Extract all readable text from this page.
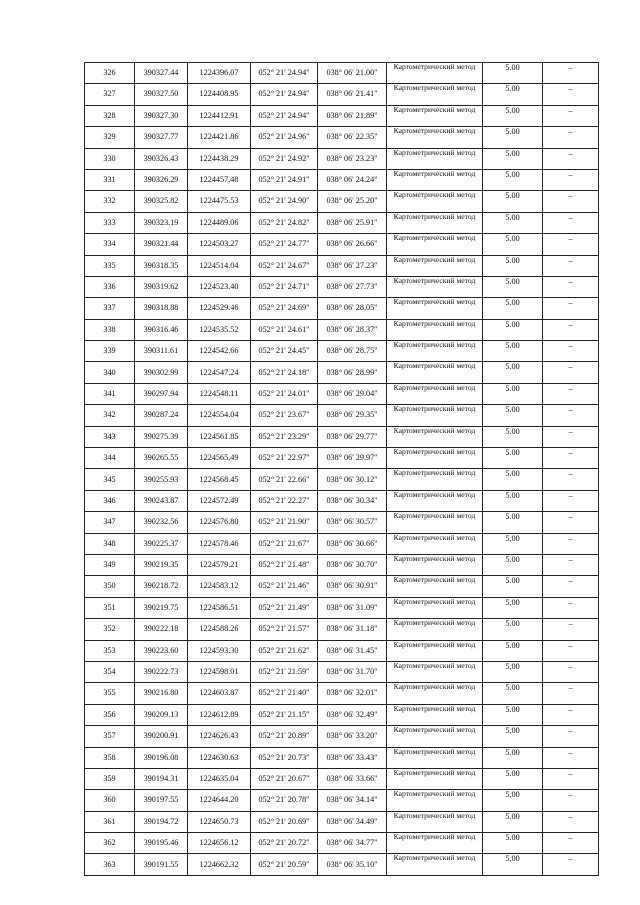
326	390327.44	1224396.07	052° 21' 24.94"	038° 06' 21.00"	Картометрический метод	5.00	–
327	390327.50	1224408.95	052° 21' 24.94"	038° 06' 21.41"	Картометрический метод	5.00	–
328	390327.30	1224412.91	052° 21' 24.94"	038° 06' 21.89"	Картометрический метод	5.00	–
329	390327.77	1224421.86	052° 21' 24.96"	038° 06' 22.35"	Картометрический метод	5.00	–
330	390326.43	1224438.29	052° 21' 24.92"	038° 06' 23.23"	Картометрический метод	5.00	–
331	390326.29	1224457.48	052° 21' 24.91"	038° 06' 24.24"	Картометрический метод	5.00	–
332	390325.82	1224475.53	052° 21' 24.90"	038° 06' 25.20"	Картометрический метод	5.00	–
333	390323.19	1224489.06	052° 21' 24.82"	038° 06' 25.91"	Картометрический метод	5.00	–
334	390321.44	1224503.27	052° 21' 24.77"	038° 06' 26.66"	Картометрический метод	5.00	–
335	390318.35	1224514.04	052° 21' 24.67"	038° 06' 27.23"	Картометрический метод	5.00	–
336	390319.62	1224523.40	052° 21' 24.71"	038° 06' 27.73"	Картометрический метод	5.00	–
337	390318.88	1224529.46	052° 21' 24.69"	038° 06' 28.05"	Картометрический метод	5.00	–
338	390316.46	1224535.52	052° 21' 24.61"	038° 06' 28.37"	Картометрический метод	5.00	–
339	390311.61	1224542.66	052° 21' 24.45"	038° 06' 28.75"	Картометрический метод	5.00	–
340	390302.99	1224547.24	052° 21' 24.18"	038° 06' 28.99"	Картометрический метод	5.00	–
341	390297.94	1224548.11	052° 21' 24.01"	038° 06' 29.04"	Картометрический метод	5.00	–
342	390287.24	1224554.04	052° 21' 23.67"	038° 06' 29.35"	Картометрический метод	5.00	–
343	390275.39	1224561.85	052° 21' 23.29"	038° 06' 29.77"	Картометрический метод	5.00	–
344	390265.55	1224565.49	052° 21' 22.97"	038° 06' 29.97"	Картометрический метод	5.00	–
345	390255.93	1224568.45	052° 21' 22.66"	038° 06' 30.12"	Картометрический метод	5.00	–
346	390243.87	1224572.49	052° 21' 22.27"	038° 06' 30.34"	Картометрический метод	5.00	–
347	390232.56	1224576.80	052° 21' 21.90"	038° 06' 30.57"	Картометрический метод	5.00	–
348	390225.37	1224578.46	052° 21' 21.67"	038° 06' 30.66"	Картометрический метод	5.00	–
349	390219.35	1224579.21	052° 21' 21.48"	038° 06' 30.70"	Картометрический метод	5.00	–
350	390218.72	1224583.12	052° 21' 21.46"	038° 06' 30.91"	Картометрический метод	5.00	–
351	390219.75	1224586.51	052° 21' 21.49"	038° 06' 31.09"	Картометрический метод	5.00	–
352	390222.18	1224588.26	052° 21' 21.57"	038° 06' 31.18"	Картометрический метод	5.00	–
353	390223.60	1224593.30	052° 21' 21.62"	038° 06' 31.45"	Картометрический метод	5.00	–
354	390222.73	1224598.01	052° 21' 21.59"	038° 06' 31.70"	Картометрический метод	5.00	–
355	390216.80	1224603.87	052° 21' 21.40"	038° 06' 32.01"	Картометрический метод	5.00	–
356	390209.13	1224612.89	052° 21' 21.15"	038° 06' 32.49"	Картометрический метод	5.00	–
357	390200.91	1224626.43	052° 21' 20.89"	038° 06' 33.20"	Картометрический метод	5.00	–
358	390196.08	1224630.63	052° 21' 20.73"	038° 06' 33.43"	Картометрический метод	5.00	–
359	390194.31	1224635.04	052° 21' 20.67"	038° 06' 33.66"	Картометрический метод	5.00	–
360	390197.55	1224644.20	052° 21' 20.78"	038° 06' 34.14"	Картометрический метод	5.00	–
361	390194.72	1224650.73	052° 21' 20.69"	038° 06' 34.49"	Картометрический метод	5.00	–
362	390195.46	1224656.12	052° 21' 20.72"	038° 06' 34.77"	Картометрический метод	5.00	–
363	390191.55	1224662.32	052° 21' 20.59"	038° 06' 35.10"	Картометрический метод	5.00	–
